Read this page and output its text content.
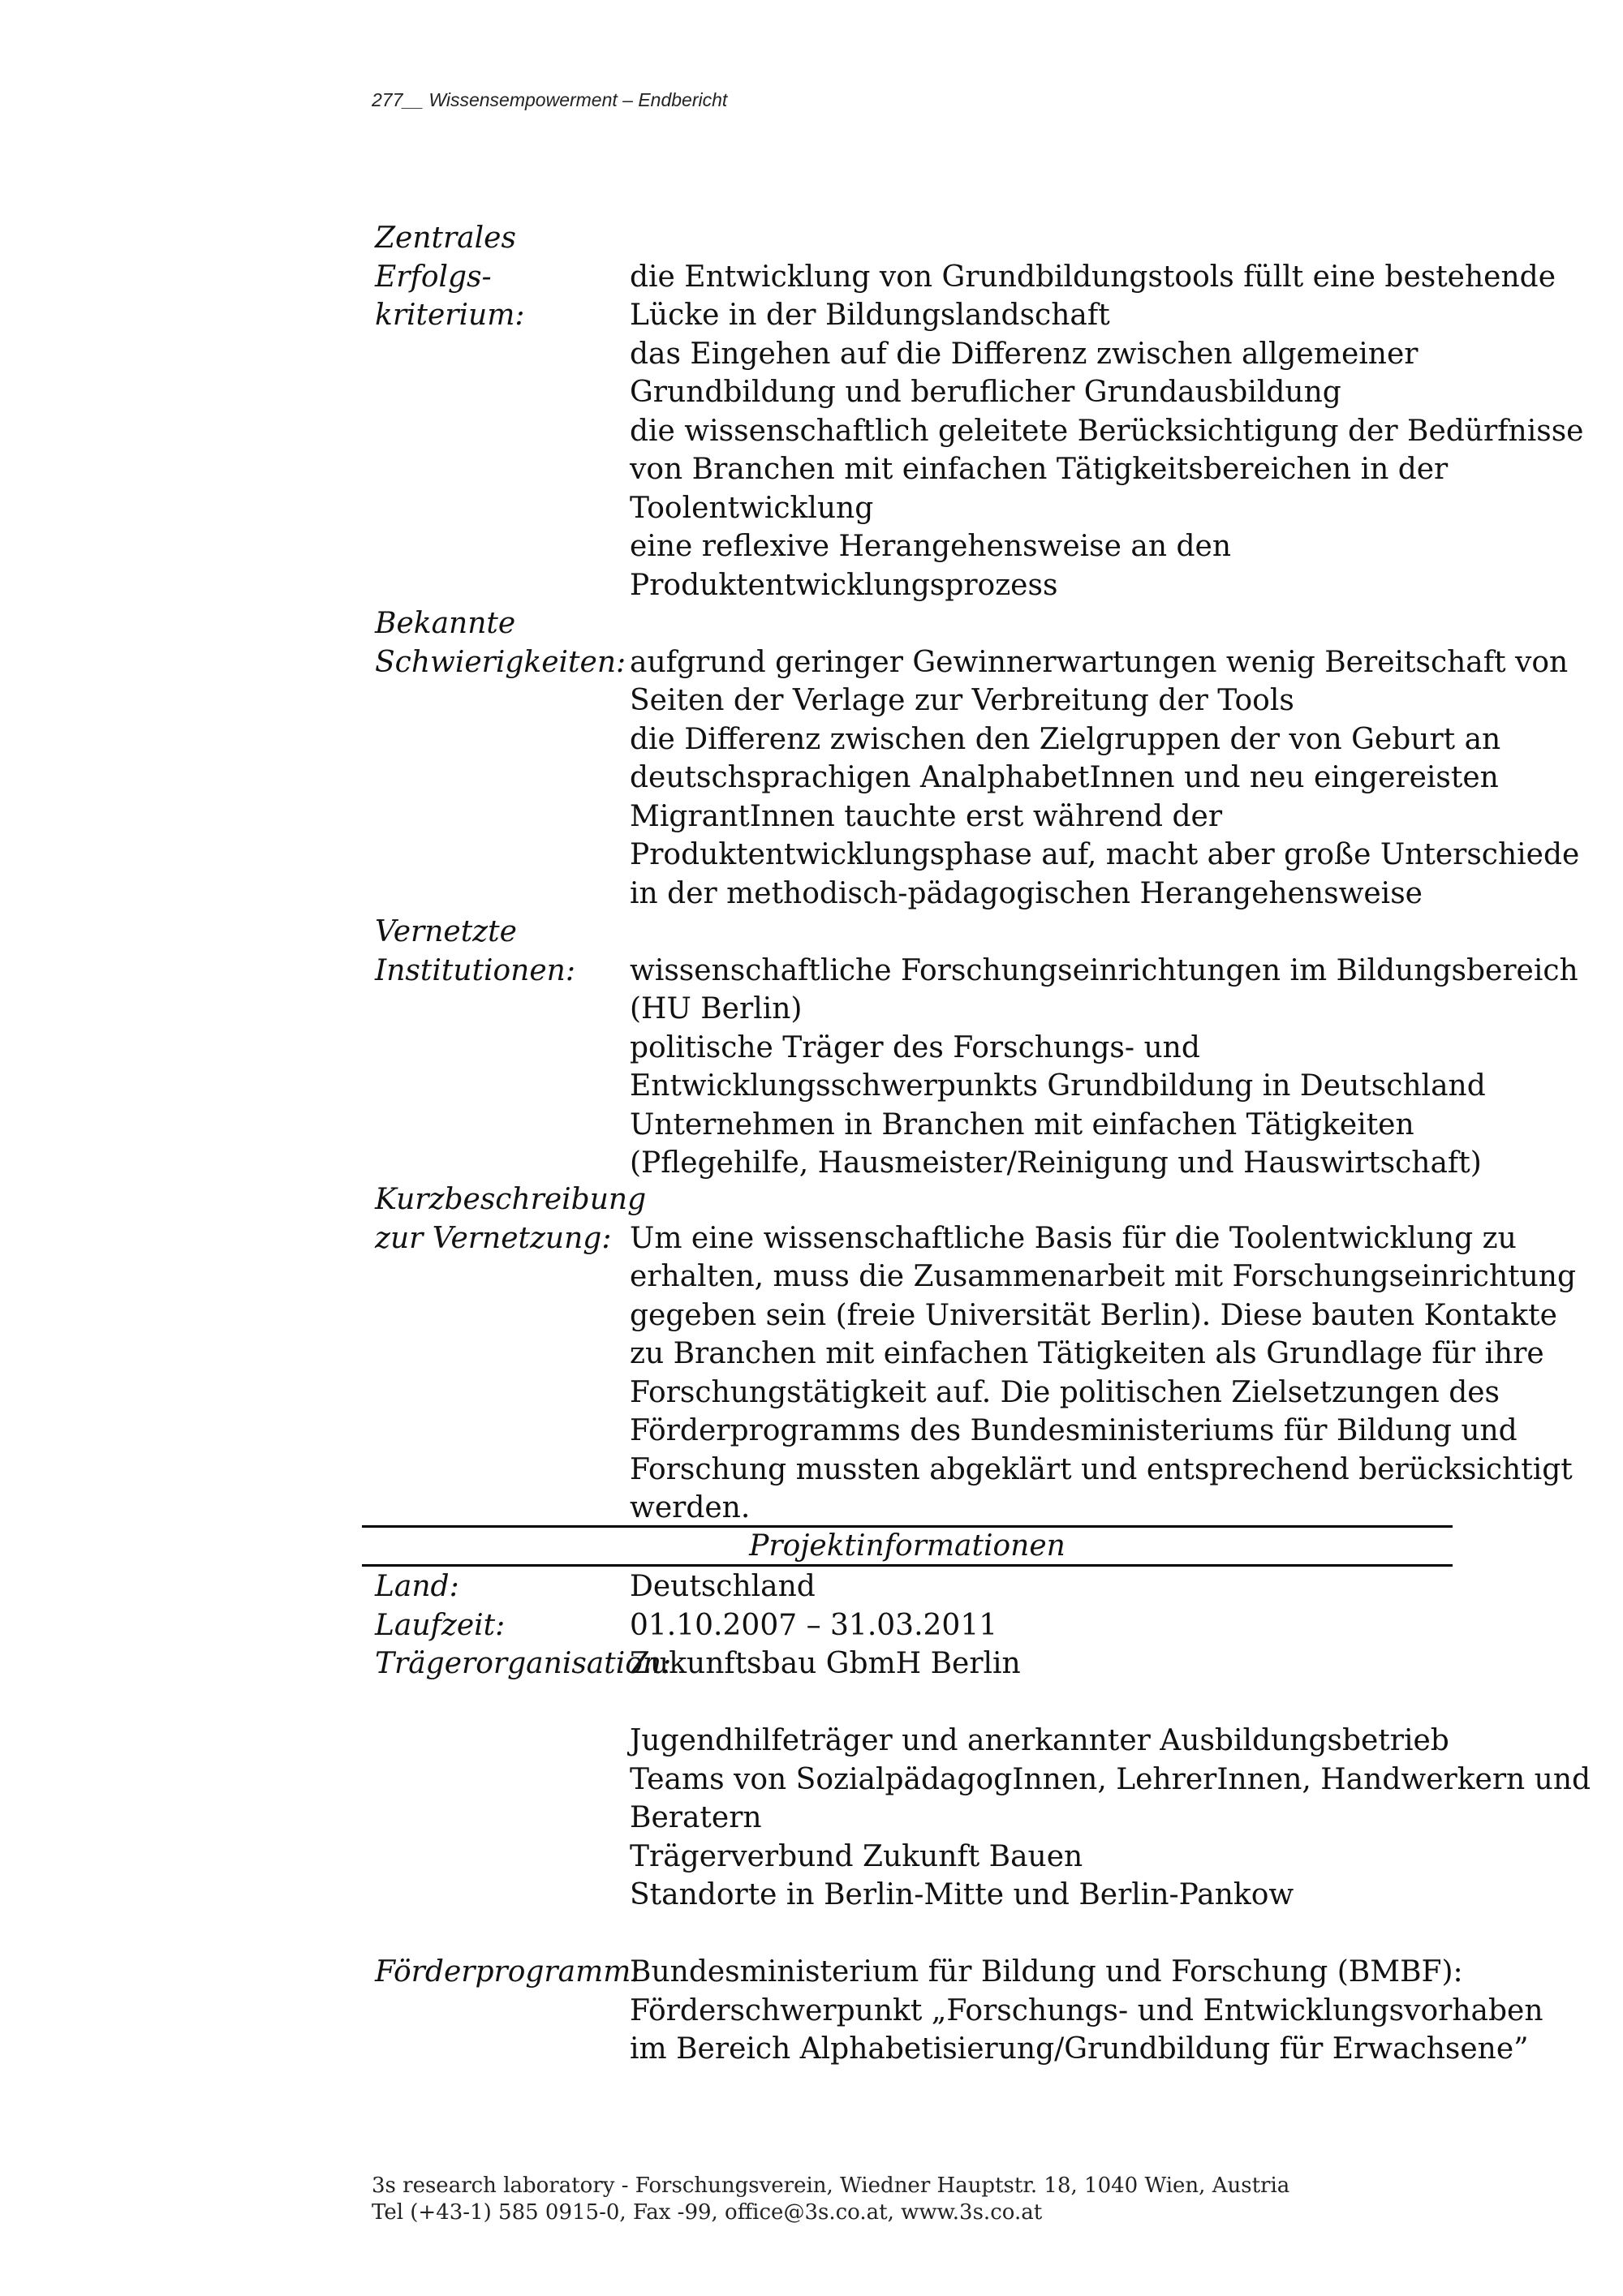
277__ Wissensempowerment – Endbericht
Zentrales Erfolgs-
kriterium:
die Entwicklung von Grundbildungstools füllt eine bestehende
Lücke in der Bildungslandschaft
das Eingehen auf die Differenz zwischen allgemeiner
Grundbildung und beruflicher Grundausbildung
die wissenschaftlich geleitete Berücksichtigung der Bedürfnisse
von Branchen mit einfachen Tätigkeitsbereichen in der
Toolentwicklung
eine reflexive Herangehensweise an den
Produktentwicklungsprozess
Bekannte
Schwierigkeiten: aufgrund geringer Gewinnerwartungen wenig Bereitschaft von
Seiten der Verlage zur Verbreitung der Tools
die Differenz zwischen den Zielgruppen der von Geburt an
deutschsprachigen AnalphabetInnen und neu eingereisten
MigrantInnen tauchte erst während der
Produktentwicklungsphase auf, macht aber große Unterschiede
in der methodisch-pädagogischen Herangehensweise
Vernetzte
Institutionen:	wissenschaftliche Forschungseinrichtungen im Bildungsbereich
(HU Berlin)
politische Träger des Forschungs- und
Entwicklungsschwerpunkts Grundbildung in Deutschland
Unternehmen in Branchen mit einfachen Tätigkeiten
(Pflegehilfe, Hausmeister/Reinigung und Hauswirtschaft)
Kurzbeschreibung
zur Vernetzung: Um eine wissenschaftliche Basis für die Toolentwicklung zu
erhalten, muss die Zusammenarbeit mit Forschungseinrichtung
gegeben sein (freie Universität Berlin). Diese bauten Kontakte
zu Branchen mit einfachen Tätigkeiten als Grundlage für ihre
Forschungstätigkeit auf. Die politischen Zielsetzungen des
Förderprogramms des Bundesministeriums für Bildung und
Forschung mussten abgeklärt und entsprechend berücksichtigt
werden.
Projektinformationen
Land:	Deutschland
Laufzeit:	01.10.2007 – 31.03.2011
Trägerorganisation:
Zukunftsbau GbmH Berlin
Jugendhilfeträger und anerkannter Ausbildungsbetrieb
Teams von SozialpädagogInnen, LehrerInnen, Handwerkern und
Beratern
Trägerverbund Zukunft Bauen
Standorte in Berlin-Mitte und Berlin-Pankow
Förderprogramm:
Bundesministerium für Bildung und Forschung (BMBF):
Förderschwerpunkt „Forschungs- und Entwicklungsvorhaben
im Bereich Alphabetisierung/Grundbildung für Erwachsene”
3s research laboratory - Forschungsverein, Wiedner Hauptstr. 18, 1040 Wien, Austria
Tel (+43-1) 585 0915-0, Fax -99, office@3s.co.at, www.3s.co.at
